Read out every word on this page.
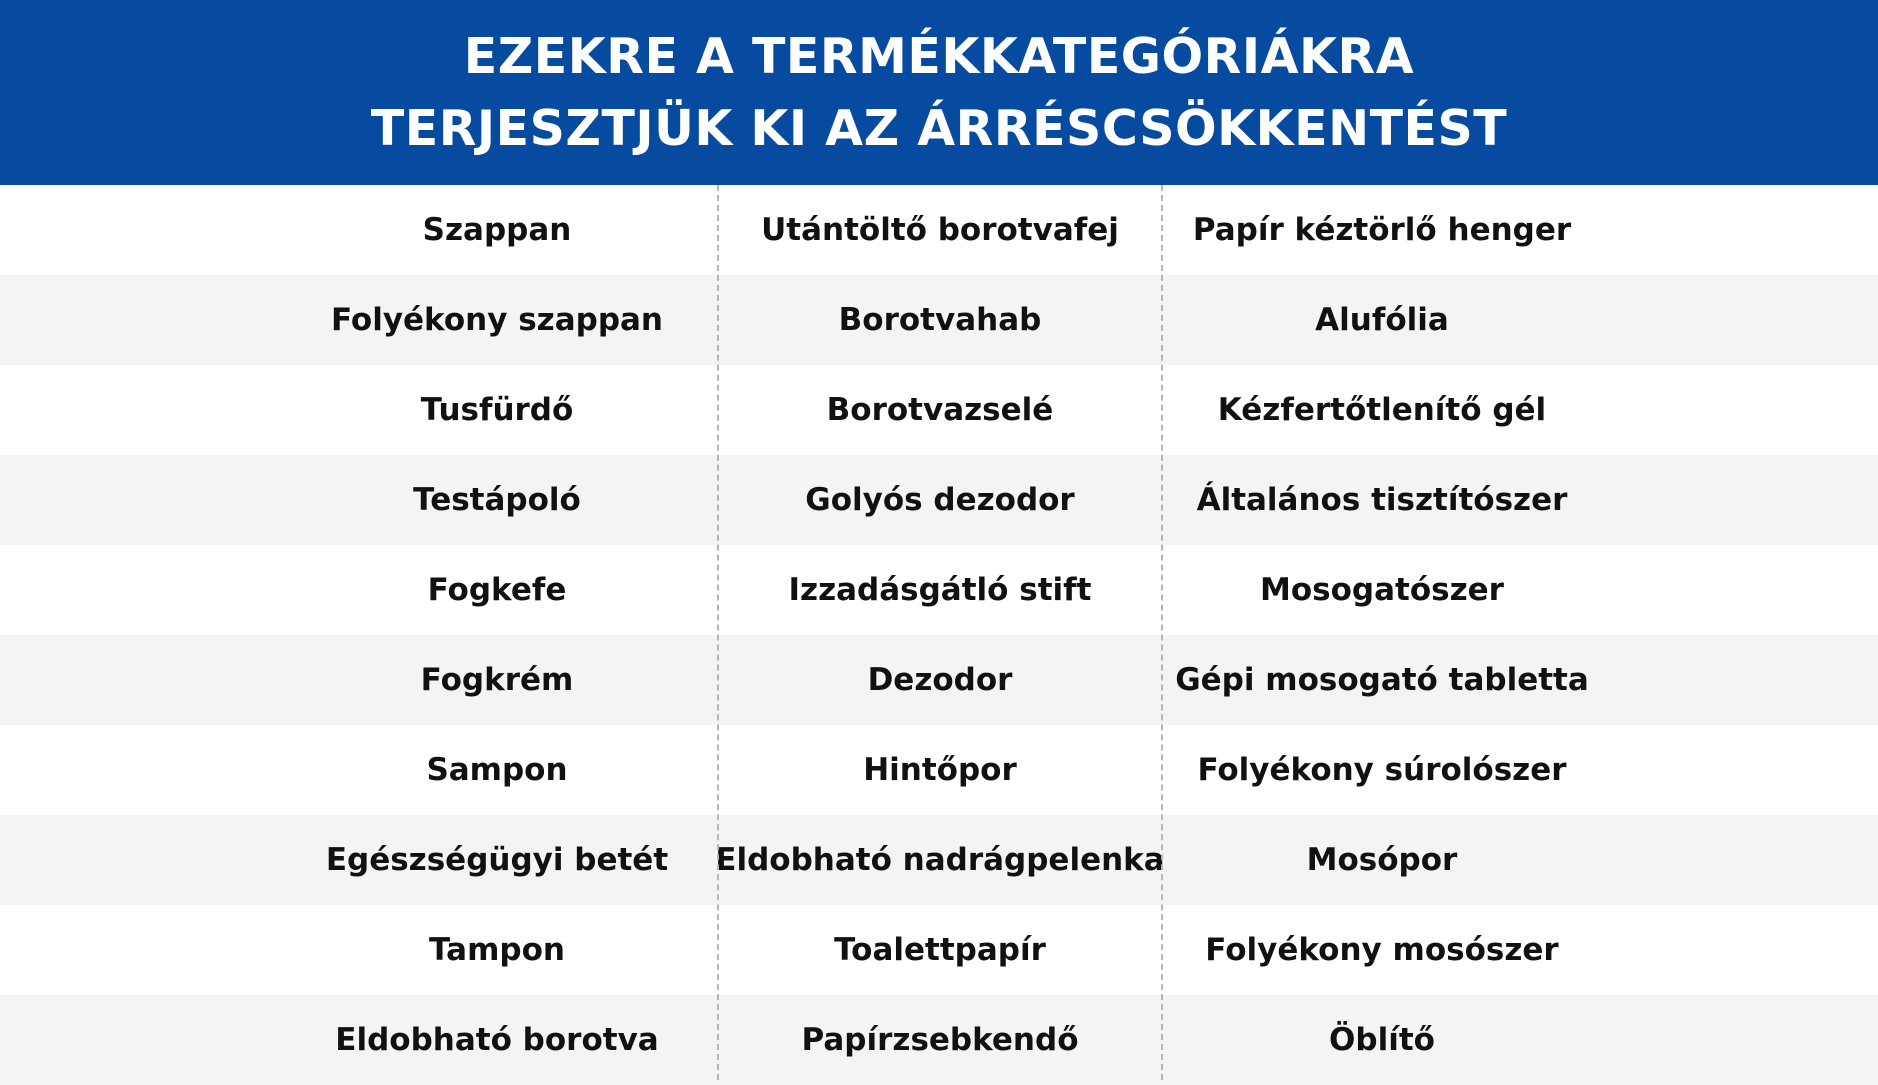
EZEKRE A TERMÉKKATEGÓRIÁKRA
TERJESZTJÜK KI AZ ÁRRÉSCSÖKKENTÉST
Szappan	Utántöltő borotvafej	Papír kéztörlő henger
Folyékony szappan	Borotvahab	Alufólia
Tusfürdő	Borotvazselé	Kézfertőtlenítő gél
Testápoló	Golyós dezodor	Általános tisztítószer
Fogkefe	Izzadásgátló stift	Mosogatószer
Fogkrém	Dezodor	Gépi mosogató tabletta
Sampon	Hintőpor	Folyékony súrolószer
Egészségügyi betét	Eldobható nadrágpelenka	Mosópor
Tampon	Toalettpapír	Folyékony mosószer
Eldobható borotva	Papírzsebkendő	Öblítő
